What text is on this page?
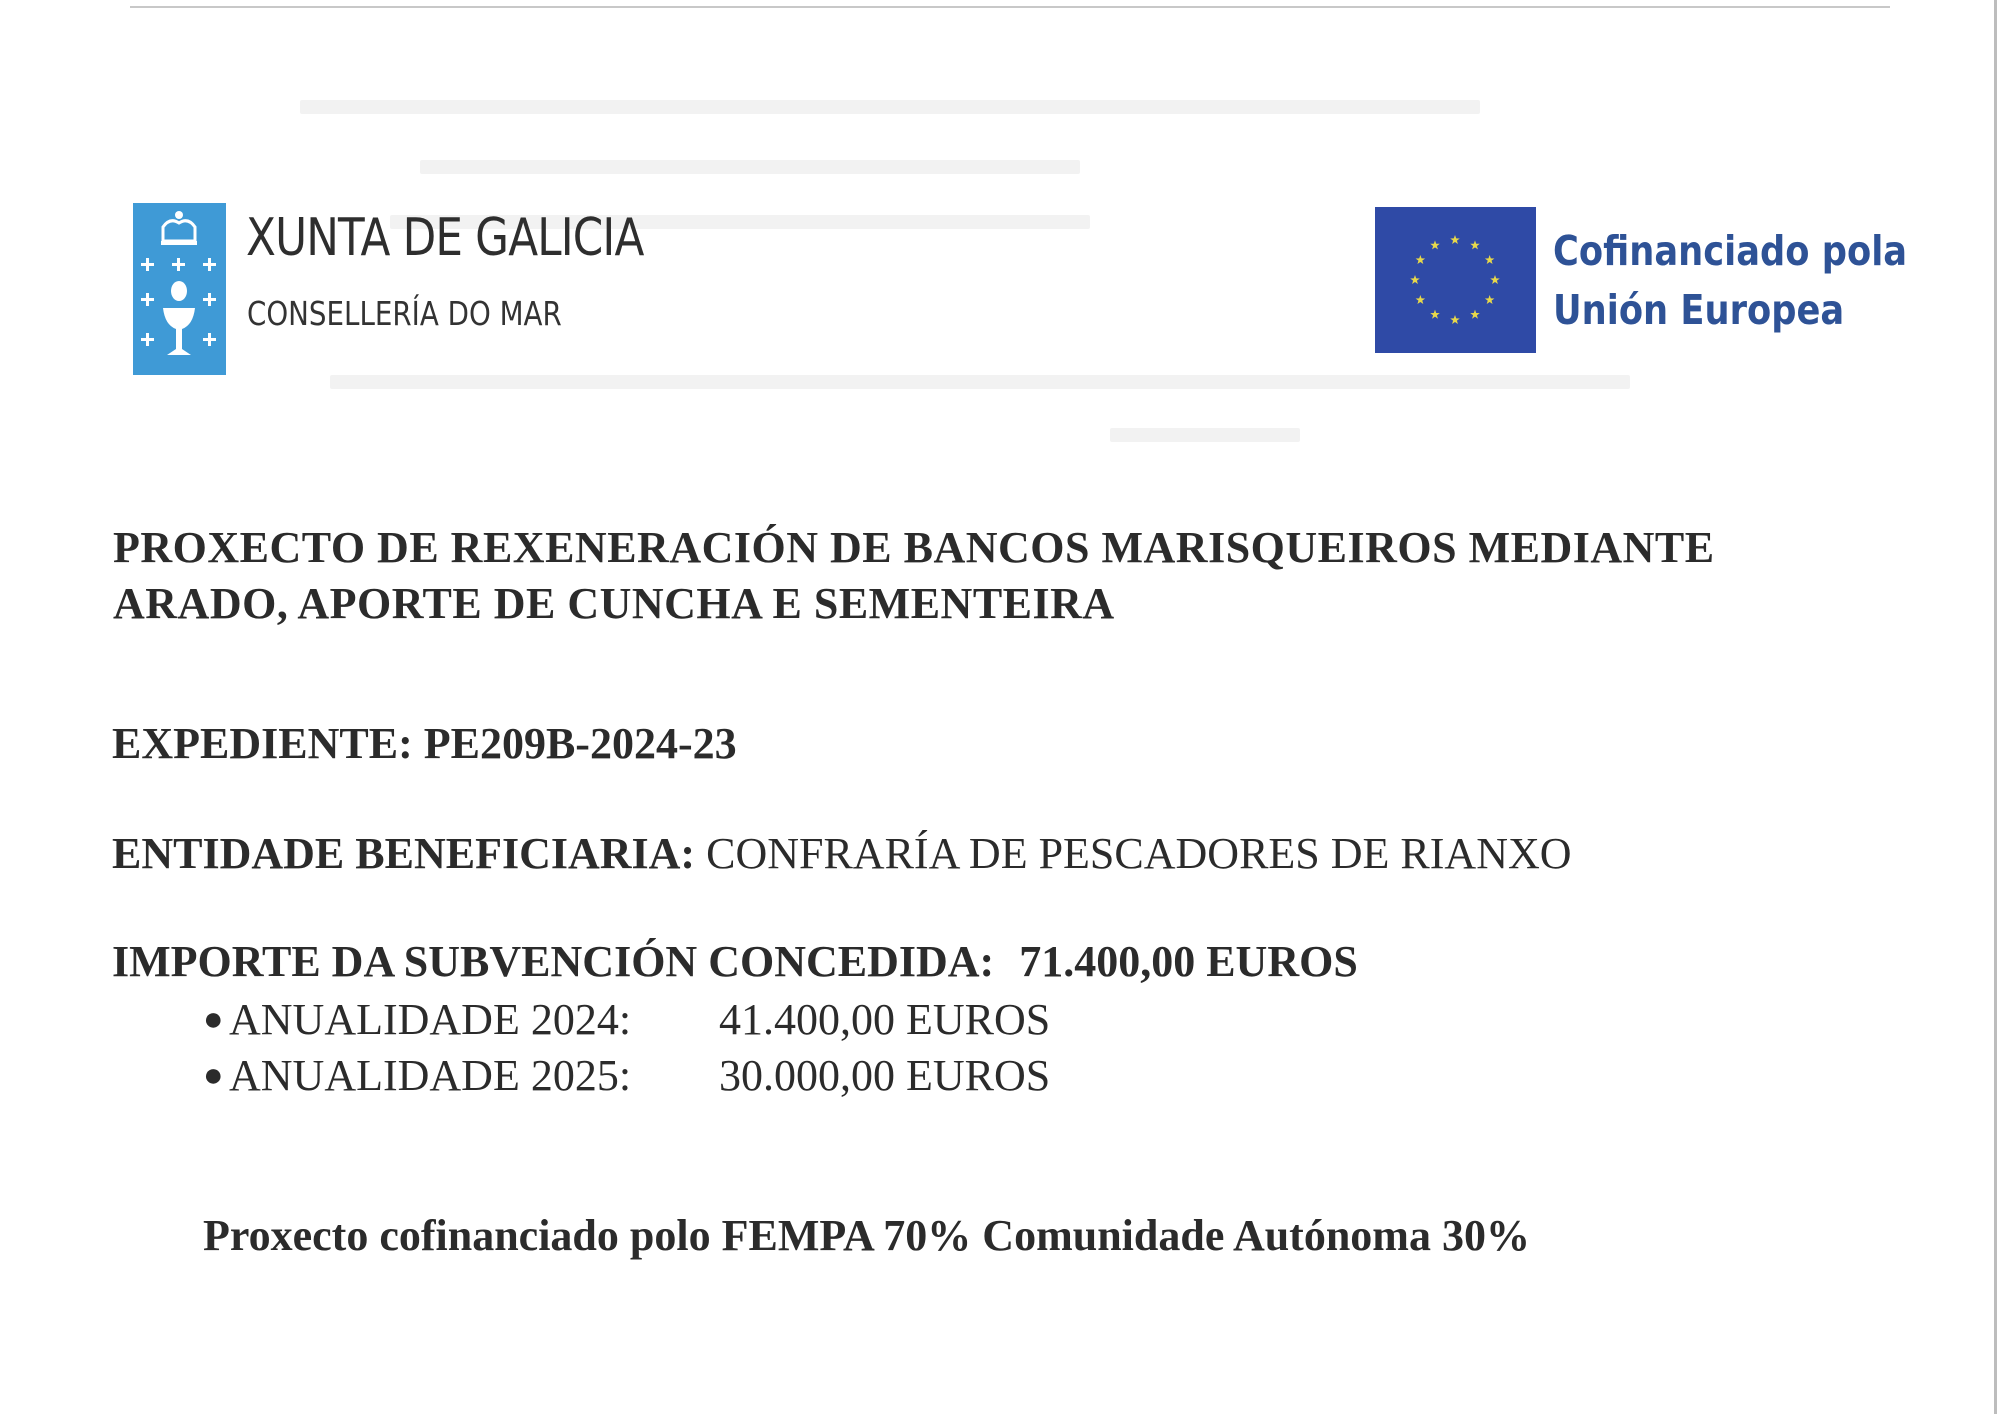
XUNTA DE GALICIA
CONSELLERÍA DO MAR
Cofinanciado pola
Unión Europea
PROXECTO DE REXENERACIÓN DE BANCOS MARISQUEIROS MEDIANTE
ARADO, APORTE DE CUNCHA E SEMENTEIRA
EXPEDIENTE: PE209B-2024-23
ENTIDADE BENEFICIARIA: CONFRARÍA DE PESCADORES DE RIANXO
IMPORTE DA SUBVENCIÓN CONCEDIDA: 71.400,00 EUROS
● ANUALIDADE 2024: 41.400,00 EUROS
● ANUALIDADE 2025: 30.000,00 EUROS
Proxecto cofinanciado polo FEMPA 70% Comunidade Autónoma 30%
